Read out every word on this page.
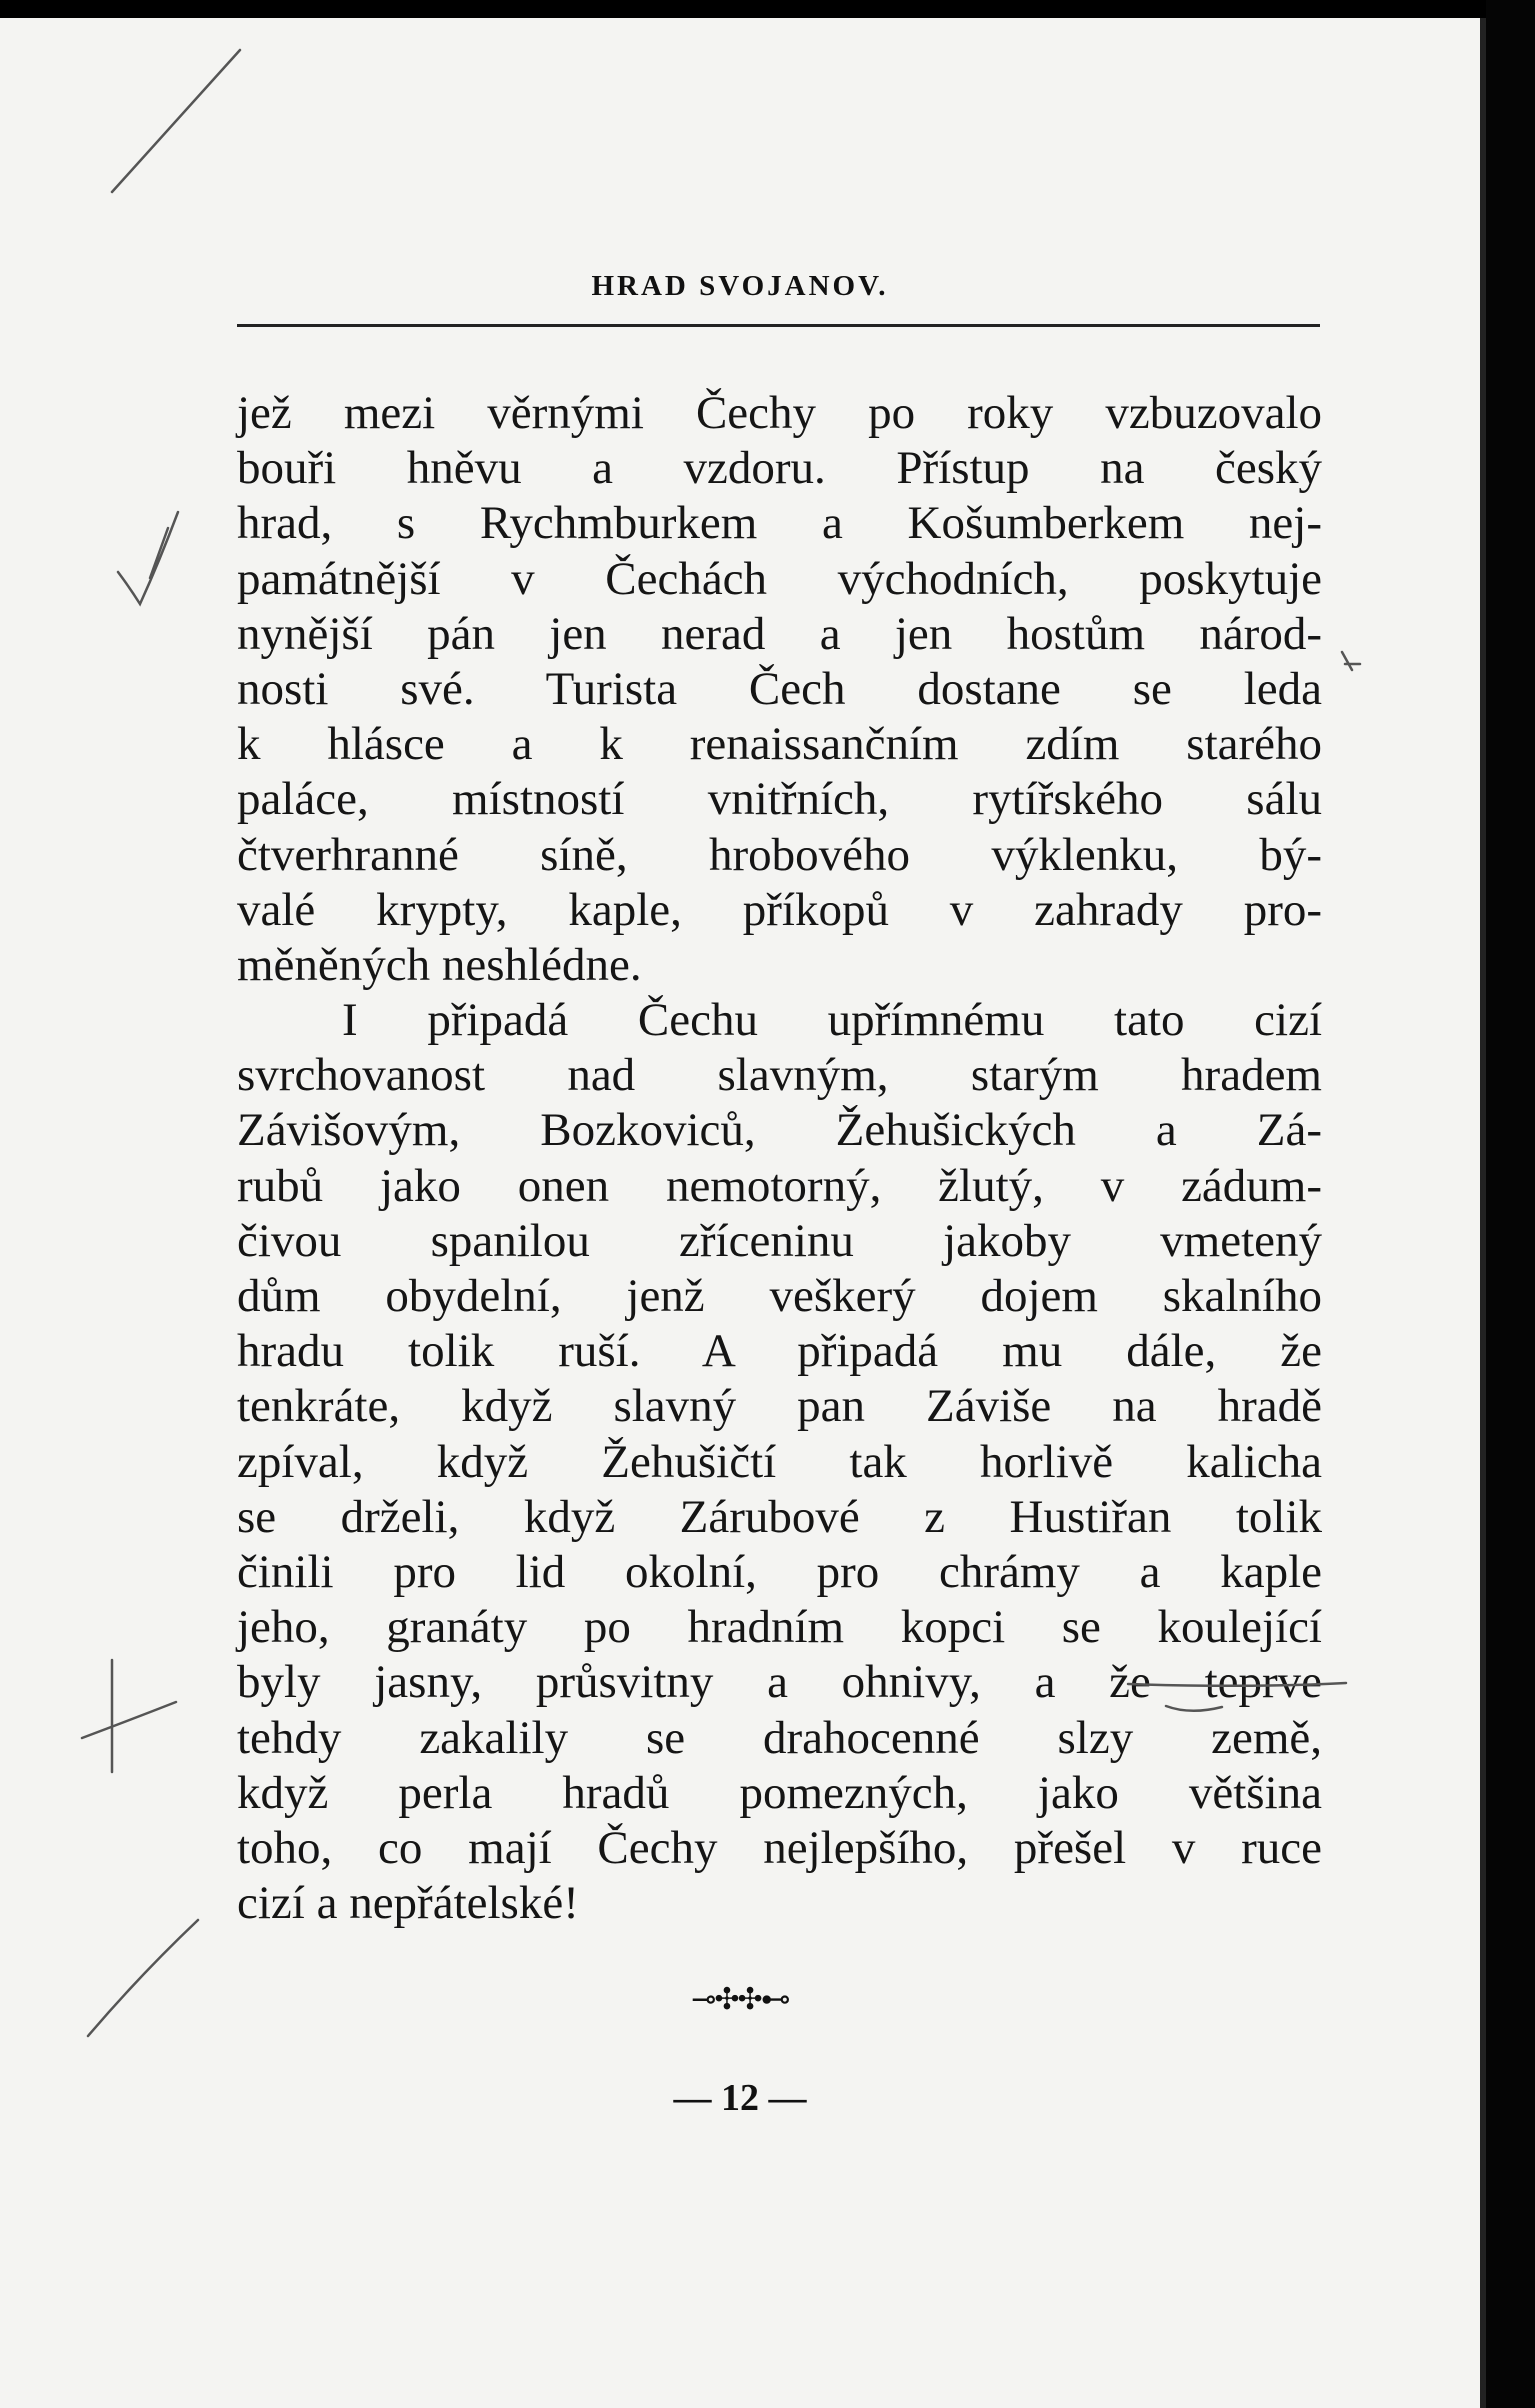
HRAD SVOJANOV.
jež mezi věrnými Čechy po roky vzbuzovalo
bouři hněvu a vzdoru. Přístup na český
hrad, s Rychmburkem a Košumberkem nej-
památnější v Čechách východních, poskytuje
nynější pán jen nerad a jen hostům národ-
nosti své. Turista Čech dostane se leda
k hlásce a k renaissančním zdím starého
paláce, místností vnitřních, rytířského sálu
čtverhranné síně, hrobového výklenku, bý-
valé krypty, kaple, příkopů v zahrady pro-
měněných neshlédne.
I připadá Čechu upřímnému tato cizí
svrchovanost nad slavným, starým hradem
Závišovým, Bozkoviců, Žehušických a Zá-
rubů jako onen nemotorný, žlutý, v zádum-
čivou spanilou zříceninu jakoby vmetený
dům obydelní, jenž veškerý dojem skalního
hradu tolik ruší. A připadá mu dále, že
tenkráte, když slavný pan Záviše na hradě
zpíval, když Žehušičtí tak horlivě kalicha
se drželi, když Zárubové z Hustiřan tolik
činili pro lid okolní, pro chrámy a kaple
jeho, granáty po hradním kopci se koulející
byly jasny, průsvitny a ohnivy, a že teprve
tehdy zakalily se drahocenné slzy země,
když perla hradů pomezných, jako většina
toho, co mají Čechy nejlepšího, přešel v ruce
cizí a nepřátelské!
⊸✣✣⊷
— 12 —
